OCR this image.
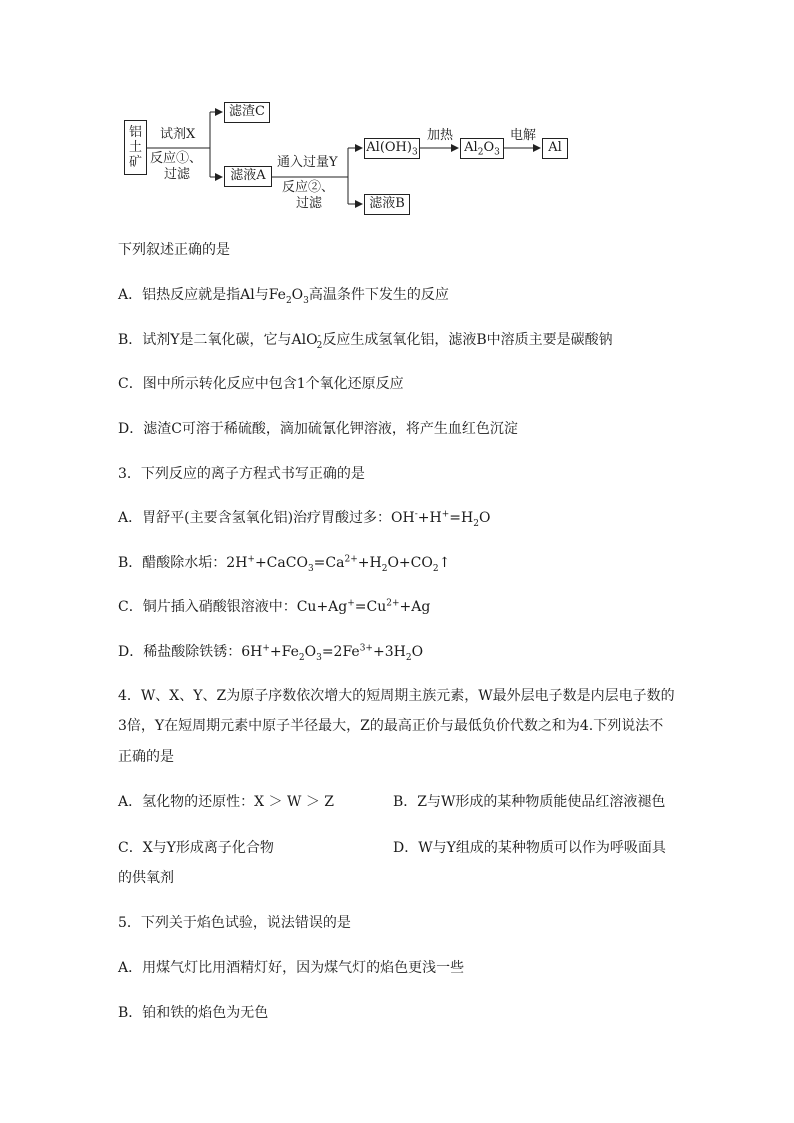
铝
土
矿
试剂X
反应①、
过滤
滤渣C
滤液A
通入过量Y
反应②、
过滤
$Al(OH)_3$
加热
$Al_2O_3$
电解
Al
滤液B
下列叙述正确的是
A．铝热反应就是指Al与$Fe_2O_3$高温条件下发生的反应
B．试剂Y是二氧化碳，它与AlO-$_2$反应生成氢氧化铝，滤液B中溶质主要是碳酸钠
C．图中所示转化反应中包含1个氧化还原反应
D．滤渣C可溶于稀硫酸，滴加硫氰化钾溶液，将产生血红色沉淀
3．下列反应的离子方程式书写正确的是
A．胃舒平(主要含氢氧化铝)治疗胃酸过多：$OH^-+H^+=H_2O$
B．醋酸除水垢：$2H^++CaCO_3=Ca^{2+}+H_2O+CO_2↑$
C．铜片插入硝酸银溶液中：$Cu+Ag^+=Cu^{2+}+Ag$
D．稀盐酸除铁锈：$6H^++Fe_2O_3=2Fe^{3+}+3H_2O$
4．W、X、Y、Z为原子序数依次增大的短周期主族元素，W最外层电子数是内层电子数的
3倍，Y在短周期元素中原子半径最大，Z的最高正价与最低负价代数之和为4.下列说法不
正确的是
A．氢化物的还原性：X ＞ W ＞ Z	B．Z与W形成的某种物质能使品红溶液褪色
C．X与Y形成离子化合物	D．W与Y组成的某种物质可以作为呼吸面具
的供氧剂
5．下列关于焰色试验，说法错误的是
A．用煤气灯比用酒精灯好，因为煤气灯的焰色更浅一些
B．铂和铁的焰色为无色
